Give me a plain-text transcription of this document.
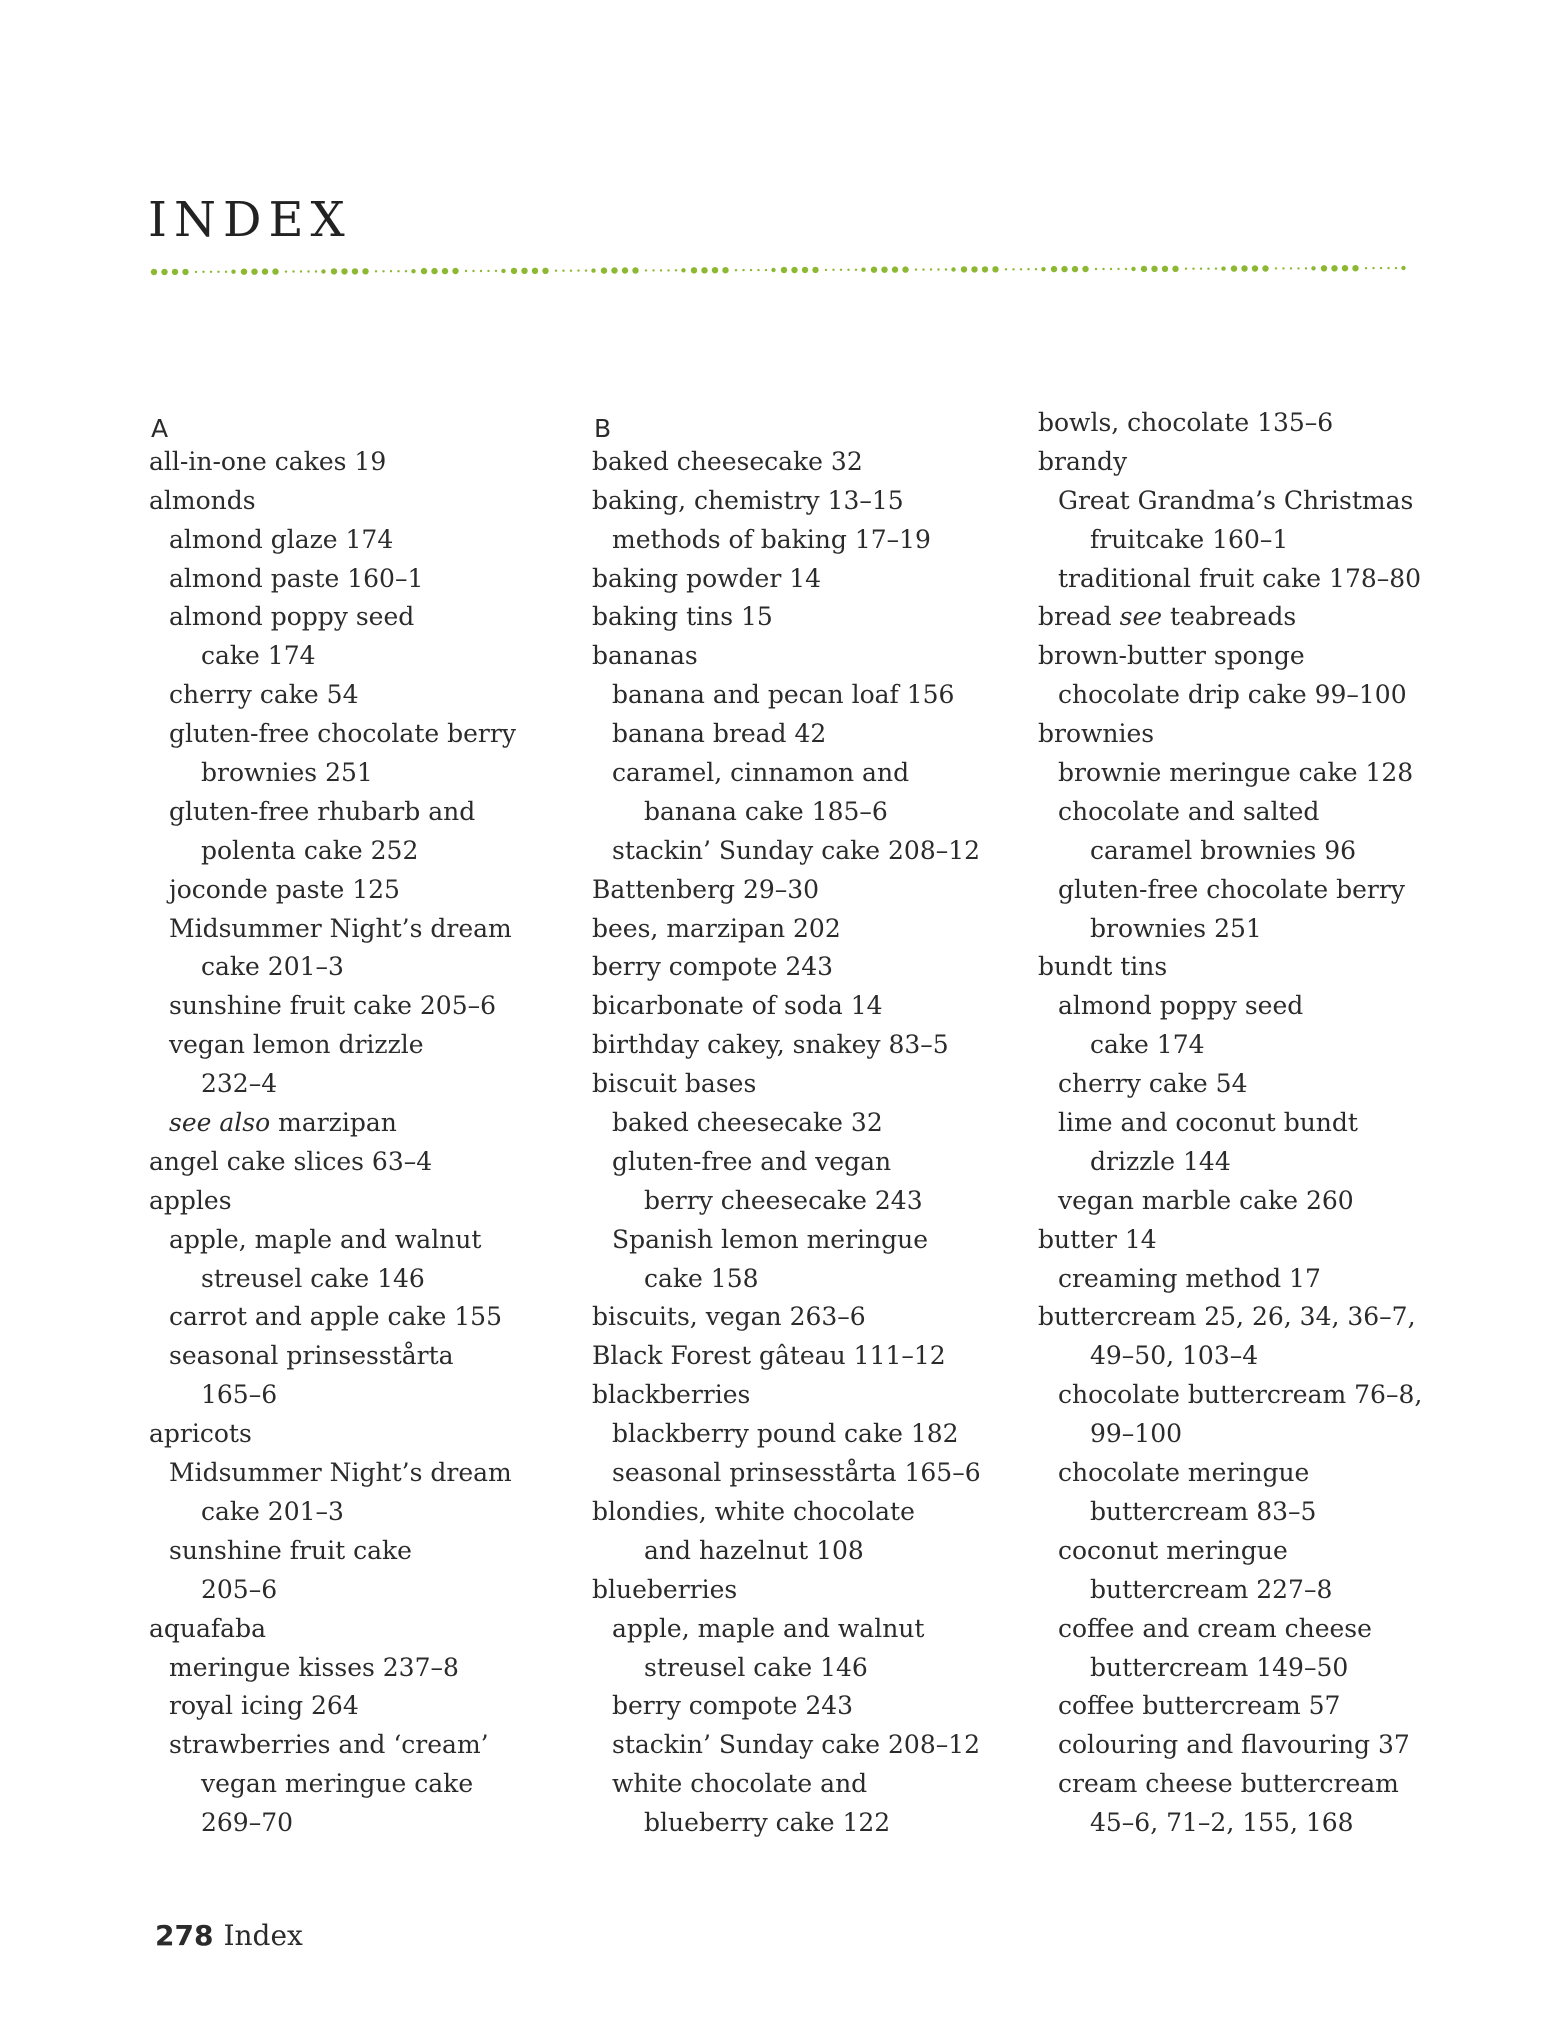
INDEX
A
all-in-one cakes 19
almonds
almond glaze 174
almond paste 160–1
almond poppy seed
cake 174
cherry cake 54
gluten-free chocolate berry
brownies 251
gluten-free rhubarb and
polenta cake 252
joconde paste 125
Midsummer Night’s dream
cake 201–3
sunshine fruit cake 205–6
vegan lemon drizzle
232–4
see also marzipan
angel cake slices 63–4
apples
apple, maple and walnut
streusel cake 146
carrot and apple cake 155
seasonal prinsesstårta
165–6
apricots
Midsummer Night’s dream
cake 201–3
sunshine fruit cake
205–6
aquafaba
meringue kisses 237–8
royal icing 264
strawberries and ‘cream’
vegan meringue cake
269–70
B
baked cheesecake 32
baking, chemistry 13–15
methods of baking 17–19
baking powder 14
baking tins 15
bananas
banana and pecan loaf 156
banana bread 42
caramel, cinnamon and
banana cake 185–6
stackin’ Sunday cake 208–12
Battenberg 29–30
bees, marzipan 202
berry compote 243
bicarbonate of soda 14
birthday cakey, snakey 83–5
biscuit bases
baked cheesecake 32
gluten-free and vegan
berry cheesecake 243
Spanish lemon meringue
cake 158
biscuits, vegan 263–6
Black Forest gâteau 111–12
blackberries
blackberry pound cake 182
seasonal prinsesstårta 165–6
blondies, white chocolate
and hazelnut 108
blueberries
apple, maple and walnut
streusel cake 146
berry compote 243
stackin’ Sunday cake 208–12
white chocolate and
blueberry cake 122
bowls, chocolate 135–6
brandy
Great Grandma’s Christmas
fruitcake 160–1
traditional fruit cake 178–80
bread see teabreads
brown-butter sponge
chocolate drip cake 99–100
brownies
brownie meringue cake 128
chocolate and salted
caramel brownies 96
gluten-free chocolate berry
brownies 251
bundt tins
almond poppy seed
cake 174
cherry cake 54
lime and coconut bundt
drizzle 144
vegan marble cake 260
butter 14
creaming method 17
buttercream 25, 26, 34, 36–7,
49–50, 103–4
chocolate buttercream 76–8,
99–100
chocolate meringue
buttercream 83–5
coconut meringue
buttercream 227–8
coffee and cream cheese
buttercream 149–50
coffee buttercream 57
colouring and flavouring 37
cream cheese buttercream
45–6, 71–2, 155, 168
278 Index
